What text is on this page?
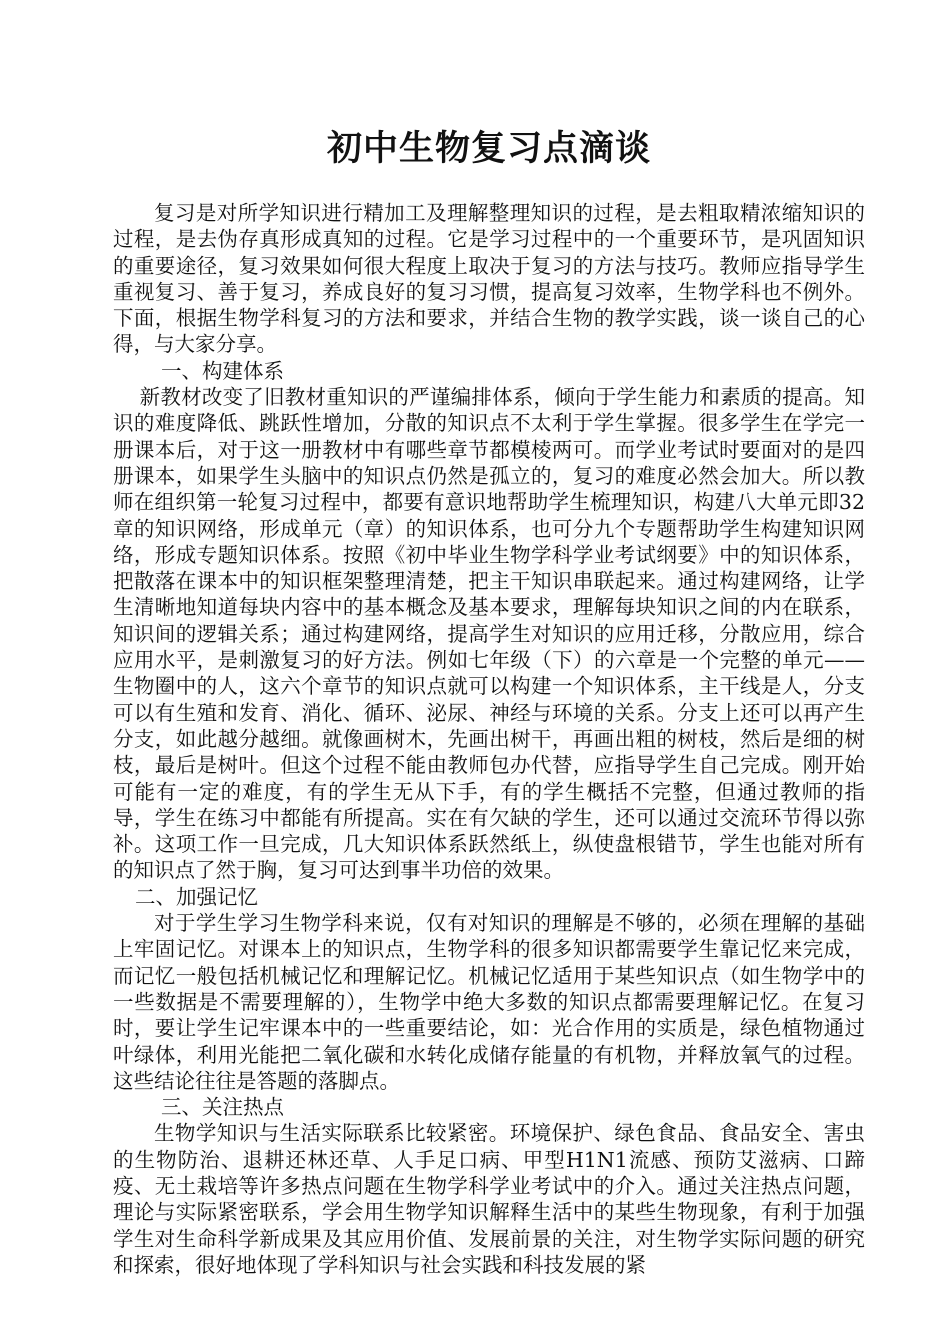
初中生物复习点滴谈

复习是对所学知识进行精加工及理解整理知识的过程，是去粗取精浓缩知识的过程，是去伪存真形成真知的过程。它是学习过程中的一个重要环节，是巩固知识的重要途径，复习效果如何很大程度上取决于复习的方法与技巧。教师应指导学生重视复习、善于复习，养成良好的复习习惯，提高复习效率，生物学科也不例外。下面，根据生物学科复习的方法和要求，并结合生物的教学实践，谈一谈自己的心得，与大家分享。

一、构建体系

新教材改变了旧教材重知识的严谨编排体系，倾向于学生能力和素质的提高。知识的难度降低、跳跃性增加，分散的知识点不太利于学生掌握。很多学生在学完一册课本后，对于这一册教材中有哪些章节都模棱两可。而学业考试时要面对的是四册课本，如果学生头脑中的知识点仍然是孤立的，复习的难度必然会加大。所以教师在组织第一轮复习过程中，都要有意识地帮助学生梳理知识，构建八大单元即32章的知识网络，形成单元（章）的知识体系，也可分九个专题帮助学生构建知识网络，形成专题知识体系。按照《初中毕业生物学科学业考试纲要》中的知识体系，把散落在课本中的知识框架整理清楚，把主干知识串联起来。通过构建网络，让学生清晰地知道每块内容中的基本概念及基本要求，理解每块知识之间的内在联系，知识间的逻辑关系；通过构建网络，提高学生对知识的应用迁移，分散应用，综合应用水平，是刺激复习的好方法。例如七年级（下）的六章是一个完整的单元——生物圈中的人，这六个章节的知识点就可以构建一个知识体系，主干线是人，分支可以有生殖和发育、消化、循环、泌尿、神经与环境的关系。分支上还可以再产生分支，如此越分越细。就像画树木，先画出树干，再画出粗的树枝，然后是细的树枝，最后是树叶。但这个过程不能由教师包办代替，应指导学生自己完成。刚开始可能有一定的难度，有的学生无从下手，有的学生概括不完整，但通过教师的指导，学生在练习中都能有所提高。实在有欠缺的学生，还可以通过交流环节得以弥补。这项工作一旦完成，几大知识体系跃然纸上，纵使盘根错节，学生也能对所有的知识点了然于胸，复习可达到事半功倍的效果。

二、加强记忆

对于学生学习生物学科来说，仅有对知识的理解是不够的，必须在理解的基础上牢固记忆。对课本上的知识点，生物学科的很多知识都需要学生靠记忆来完成，而记忆一般包括机械记忆和理解记忆。机械记忆适用于某些知识点（如生物学中的一些数据是不需要理解的），生物学中绝大多数的知识点都需要理解记忆。在复习时，要让学生记牢课本中的一些重要结论，如：光合作用的实质是，绿色植物通过叶绿体，利用光能把二氧化碳和水转化成储存能量的有机物，并释放氧气的过程。这些结论往往是答题的落脚点。

三、关注热点

生物学知识与生活实际联系比较紧密。环境保护、绿色食品、食品安全、害虫的生物防治、退耕还林还草、人手足口病、甲型H1N1流感、预防艾滋病、口蹄疫、无土栽培等许多热点问题在生物学科学业考试中的介入。通过关注热点问题，理论与实际紧密联系，学会用生物学知识解释生活中的某些生物现象，有利于加强学生对生命科学新成果及其应用价值、发展前景的关注，对生物学实际问题的研究和探索，很好地体现了学科知识与社会实践和科技发展的紧
